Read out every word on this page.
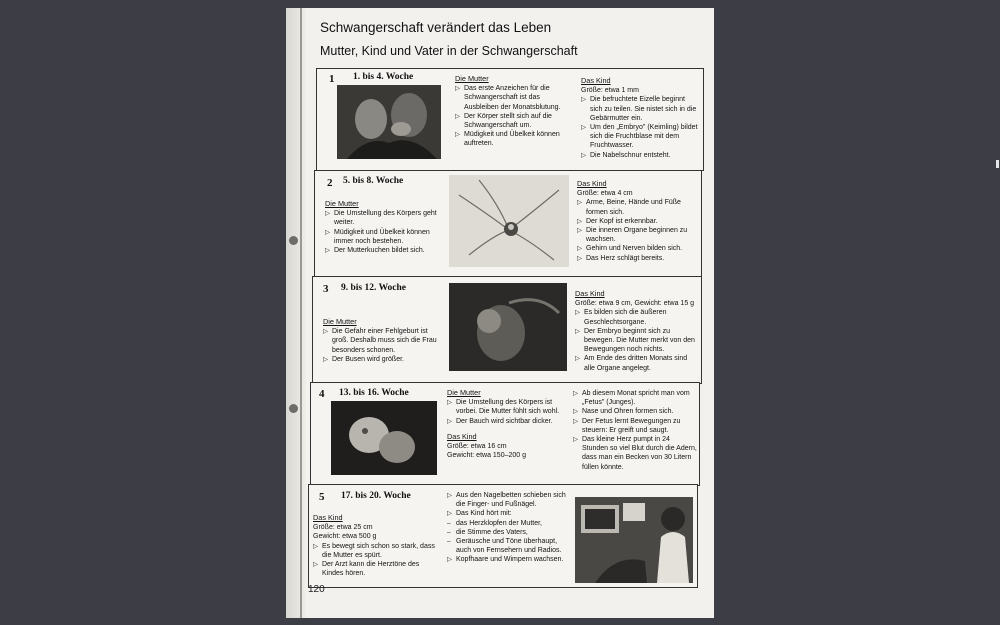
Schwangerschaft verändert das Leben
Mutter, Kind und Vater in der Schwangerschaft
1 1. bis 4. Woche	Die Mutter
▷ Das erste Anzeichen für die Schwangerschaft ist das Ausbleiben der Monatsblutung.
▷ Der Körper stellt sich auf die Schwangerschaft um.
▷ Müdigkeit und Übelkeit können auftreten.
Das Kind
Größe: etwa 1 mm
▷ Die befruchtete Eizelle beginnt sich zu teilen. Sie nistet sich in die Gebärmutter ein.
▷ Um den „Embryo" (Keimling) bildet sich die Fruchtblase mit dem Fruchtwasser.
▷ Die Nabelschnur entsteht.
2 5. bis 8. Woche
Die Mutter
▷ Die Umstellung des Körpers geht weiter.
▷ Müdigkeit und Übelkeit können immer noch bestehen.
▷ Der Mutterkuchen bildet sich.
Das Kind
Größe: etwa 4 cm
▷ Arme, Beine, Hände und Füße formen sich.
▷ Der Kopf ist erkennbar.
▷ Die inneren Organe beginnen zu wachsen.
▷ Gehirn und Nerven bilden sich.
▷ Das Herz schlägt bereits.
3 9. bis 12. Woche
Die Mutter
▷ Die Gefahr einer Fehlgeburt ist groß. Deshalb muss sich die Frau besonders schonen.
▷ Der Busen wird größer.
Das Kind
Größe: etwa 9 cm, Gewicht: etwa 15 g
▷ Es bilden sich die äußeren Geschlechtsorgane.
▷ Der Embryo beginnt sich zu bewegen. Die Mutter merkt von den Bewegungen noch nichts.
▷ Am Ende des dritten Monats sind alle Organe angelegt.
4 13. bis 16. Woche	Die Mutter
▷ Die Umstellung des Körpers ist vorbei. Die Mutter fühlt sich wohl.
▷ Der Bauch wird sichtbar dicker.
Das Kind
Größe: etwa 16 cm
Gewicht: etwa 150–200 g
▷ Ab diesem Monat spricht man vom „Fetus" (Junges).
▷ Nase und Ohren formen sich.
▷ Der Fetus lernt Bewegungen zu steuern: Er greift und saugt.
▷ Das kleine Herz pumpt in 24 Stunden so viel Blut durch die Adern, dass man ein Becken von 30 Litern füllen könnte.
5 17. bis 20. Woche
Das Kind
Größe: etwa 25 cm
Gewicht: etwa 500 g
▷ Es bewegt sich schon so stark, dass die Mutter es spürt.
▷ Der Arzt kann die Herztöne des Kindes hören.
▷ Aus den Nagelbetten schieben sich die Finger- und Fußnägel.
▷ Das Kind hört mit:
– das Herzklopfen der Mutter,
– die Stimme des Vaters,
– Geräusche und Töne überhaupt, auch von Fernsehern und Radios.
▷ Kopfhaare und Wimpern wachsen.
120
